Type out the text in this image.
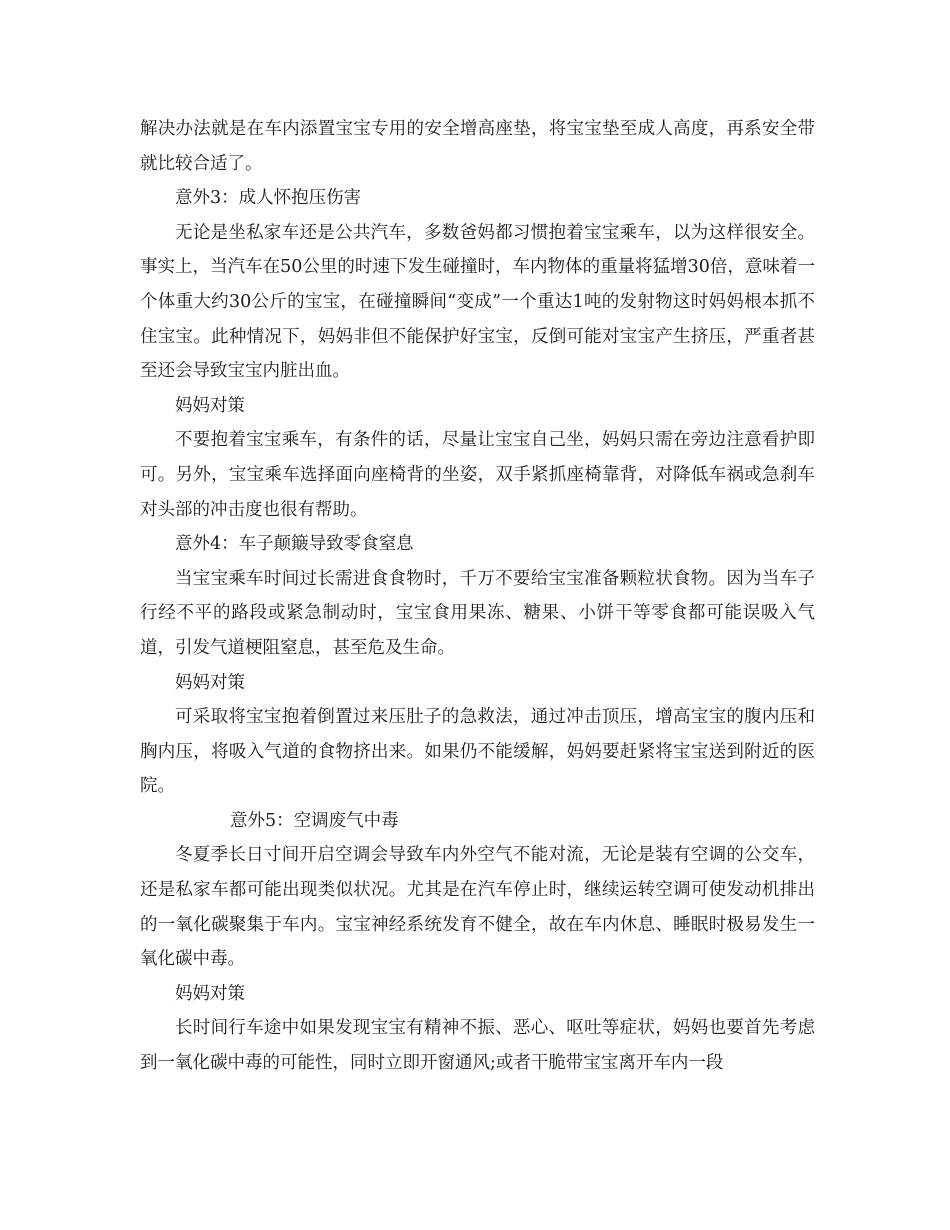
解决办法就是在车内添置宝宝专用的安全增高座垫，将宝宝垫至成人高度，再系安全带就比较合适了。

意外3：成人怀抱压伤害

无论是坐私家车还是公共汽车，多数爸妈都习惯抱着宝宝乘车，以为这样很安全。事实上，当汽车在50公里的时速下发生碰撞时，车内物体的重量将猛增30倍，意味着一个体重大约30公斤的宝宝，在碰撞瞬间“变成”一个重达1吨的发射物这时妈妈根本抓不住宝宝。此种情况下，妈妈非但不能保护好宝宝，反倒可能对宝宝产生挤压，严重者甚至还会导致宝宝内脏出血。

妈妈对策

不要抱着宝宝乘车，有条件的话，尽量让宝宝自己坐，妈妈只需在旁边注意看护即可。另外，宝宝乘车选择面向座椅背的坐姿，双手紧抓座椅靠背，对降低车祸或急刹车对头部的冲击度也很有帮助。

意外4：车子颠簸导致零食窒息

当宝宝乘车时间过长需进食食物时，千万不要给宝宝准备颗粒状食物。因为当车子行经不平的路段或紧急制动时，宝宝食用果冻、糖果、小饼干等零食都可能误吸入气道，引发气道梗阻窒息，甚至危及生命。

妈妈对策

可采取将宝宝抱着倒置过来压肚子的急救法，通过冲击顶压，增高宝宝的腹内压和胸内压，将吸入气道的食物挤出来。如果仍不能缓解，妈妈要赶紧将宝宝送到附近的医院。

意外5：空调废气中毒

冬夏季长日寸间开启空调会导致车内外空气不能对流，无论是装有空调的公交车，还是私家车都可能出现类似状况。尤其是在汽车停止时，继续运转空调可使发动机排出的一氧化碳聚集于车内。宝宝神经系统发育不健全，故在车内休息、睡眠时极易发生一氧化碳中毒。

妈妈对策

长时间行车途中如果发现宝宝有精神不振、恶心、呕吐等症状，妈妈也要首先考虑到一氧化碳中毒的可能性，同时立即开窗通风;或者干脆带宝宝离开车内一段
